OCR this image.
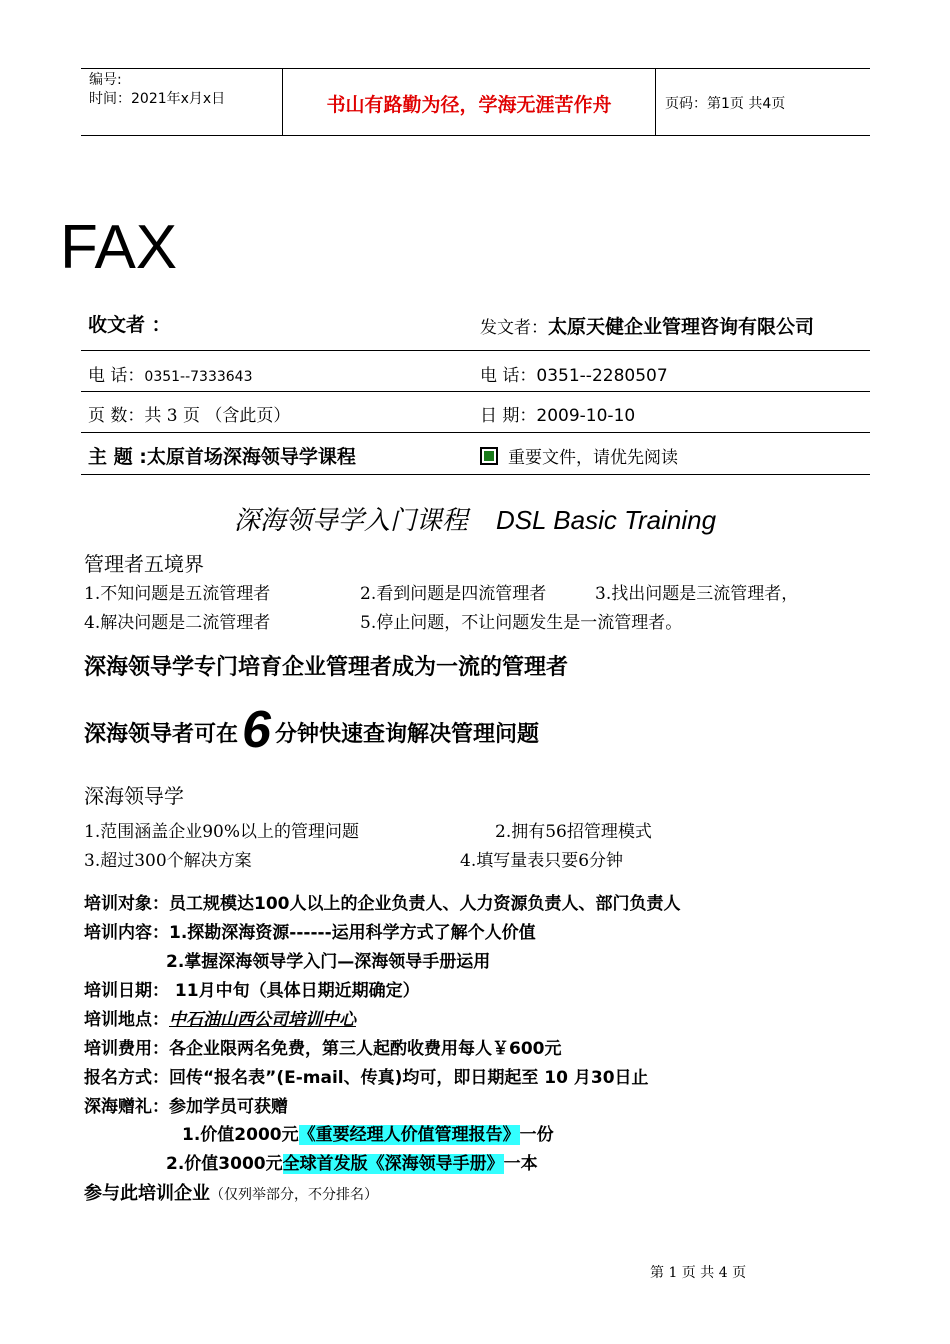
编号:
时间：2021年x月x日	书山有路勤为径，学海无涯苦作舟	页码：第1页 共4页
FAX
收文者 ：	发文者：太原天健企业管理咨询有限公司
电 话：0351--7333643	电 话：0351--2280507
页 数：共 3 页 （含此页）	日 期：2009-10-10
主 题 :太原首场深海领导学课程	重要文件，请优先阅读
深海领导学入门课程 DSL Basic Training
管理者五境界
1.不知问题是五流管理者	2.看到问题是四流管理者	3.找出问题是三流管理者，
4.解决问题是二流管理者	5.停止问题，不让问题发生是一流管理者。
深海领导学专门培育企业管理者成为一流的管理者
深海领导者可在6 分钟快速查询解决管理问题
深海领导学
1.范围涵盖企业90%以上的管理问题	2.拥有56招管理模式
3.超过300个解决方案	4.填写量表只要6分钟
培训对象：员工规模达100人以上的企业负责人、人力资源负责人、部门负责人
培训内容：1.探勘深海资源------运用科学方式了解个人价值
2.掌握深海领导学入门—深海领导手册运用
培训日期： 11月中旬（具体日期近期确定）
培训地点：中石油山西公司培训中心
培训费用：各企业限两名免费，第三人起酌收费用每人￥600元
报名方式：回传“报名表”(E-mail、传真)均可，即日期起至 10 月30日止
深海赠礼：参加学员可获赠
1.价值2000元《重要经理人价值管理报告》一份
2.价值3000元全球首发版《深海领导手册》一本
参与此培训企业（仅列举部分，不分排名）
第 1 页 共 4 页
